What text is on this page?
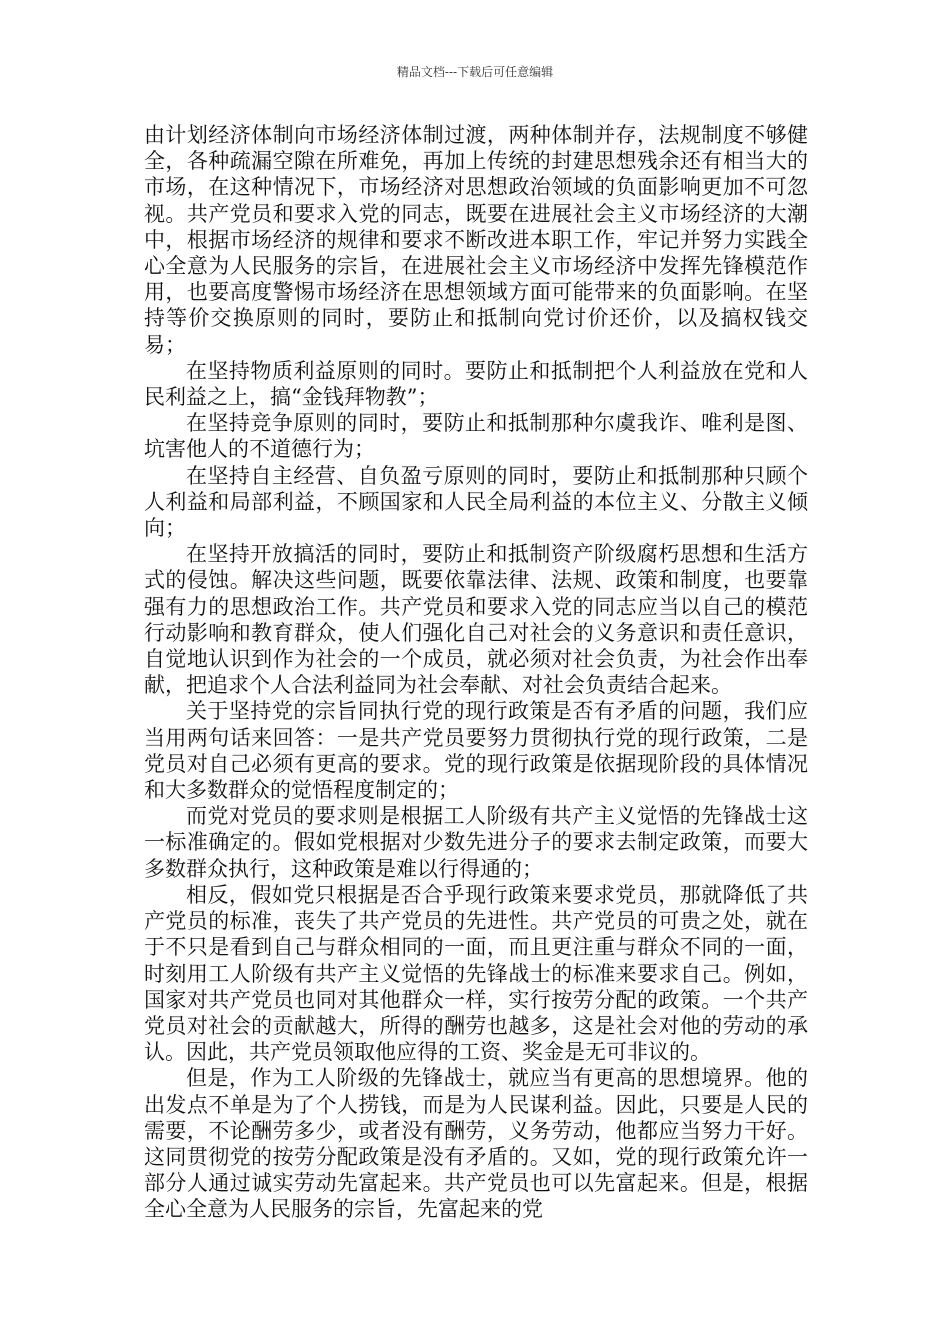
精品文档---下载后可任意编辑

由计划经济体制向市场经济体制过渡，两种体制并存，法规制度不够健全，各种疏漏空隙在所难免，再加上传统的封建思想残余还有相当大的市场，在这种情况下，市场经济对思想政治领域的负面影响更加不可忽视。共产党员和要求入党的同志，既要在进展社会主义市场经济的大潮中，根据市场经济的规律和要求不断改进本职工作，牢记并努力实践全心全意为人民服务的宗旨，在进展社会主义市场经济中发挥先锋模范作用，也要高度警惕市场经济在思想领域方面可能带来的负面影响。在坚持等价交换原则的同时，要防止和抵制向党讨价还价，以及搞权钱交易；

在坚持物质利益原则的同时。要防止和抵制把个人利益放在党和人民利益之上，搞“金钱拜物教”；

在坚持竞争原则的同时，要防止和抵制那种尔虞我诈、唯利是图、坑害他人的不道德行为；

在坚持自主经营、自负盈亏原则的同时，要防止和抵制那种只顾个人利益和局部利益，不顾国家和人民全局利益的本位主义、分散主义倾向；

在坚持开放搞活的同时，要防止和抵制资产阶级腐朽思想和生活方式的侵蚀。解决这些问题，既要依靠法律、法规、政策和制度，也要靠强有力的思想政治工作。共产党员和要求入党的同志应当以自己的模范行动影响和教育群众，使人们强化自己对社会的义务意识和责任意识，自觉地认识到作为社会的一个成员，就必须对社会负责，为社会作出奉献，把追求个人合法利益同为社会奉献、对社会负责结合起来。

关于坚持党的宗旨同执行党的现行政策是否有矛盾的问题，我们应当用两句话来回答：一是共产党员要努力贯彻执行党的现行政策，二是党员对自己必须有更高的要求。党的现行政策是依据现阶段的具体情况和大多数群众的觉悟程度制定的；

而党对党员的要求则是根据工人阶级有共产主义觉悟的先锋战士这一标准确定的。假如党根据对少数先进分子的要求去制定政策，而要大多数群众执行，这种政策是难以行得通的；

相反，假如党只根据是否合乎现行政策来要求党员，那就降低了共产党员的标准，丧失了共产党员的先进性。共产党员的可贵之处，就在于不只是看到自己与群众相同的一面，而且更注重与群众不同的一面，时刻用工人阶级有共产主义觉悟的先锋战士的标准来要求自己。例如，国家对共产党员也同对其他群众一样，实行按劳分配的政策。一个共产党员对社会的贡献越大，所得的酬劳也越多，这是社会对他的劳动的承认。因此，共产党员领取他应得的工资、奖金是无可非议的。

但是，作为工人阶级的先锋战士，就应当有更高的思想境界。他的出发点不单是为了个人捞钱，而是为人民谋利益。因此，只要是人民的需要，不论酬劳多少，或者没有酬劳，义务劳动，他都应当努力干好。这同贯彻党的按劳分配政策是没有矛盾的。又如，党的现行政策允许一部分人通过诚实劳动先富起来。共产党员也可以先富起来。但是，根据全心全意为人民服务的宗旨，先富起来的党
